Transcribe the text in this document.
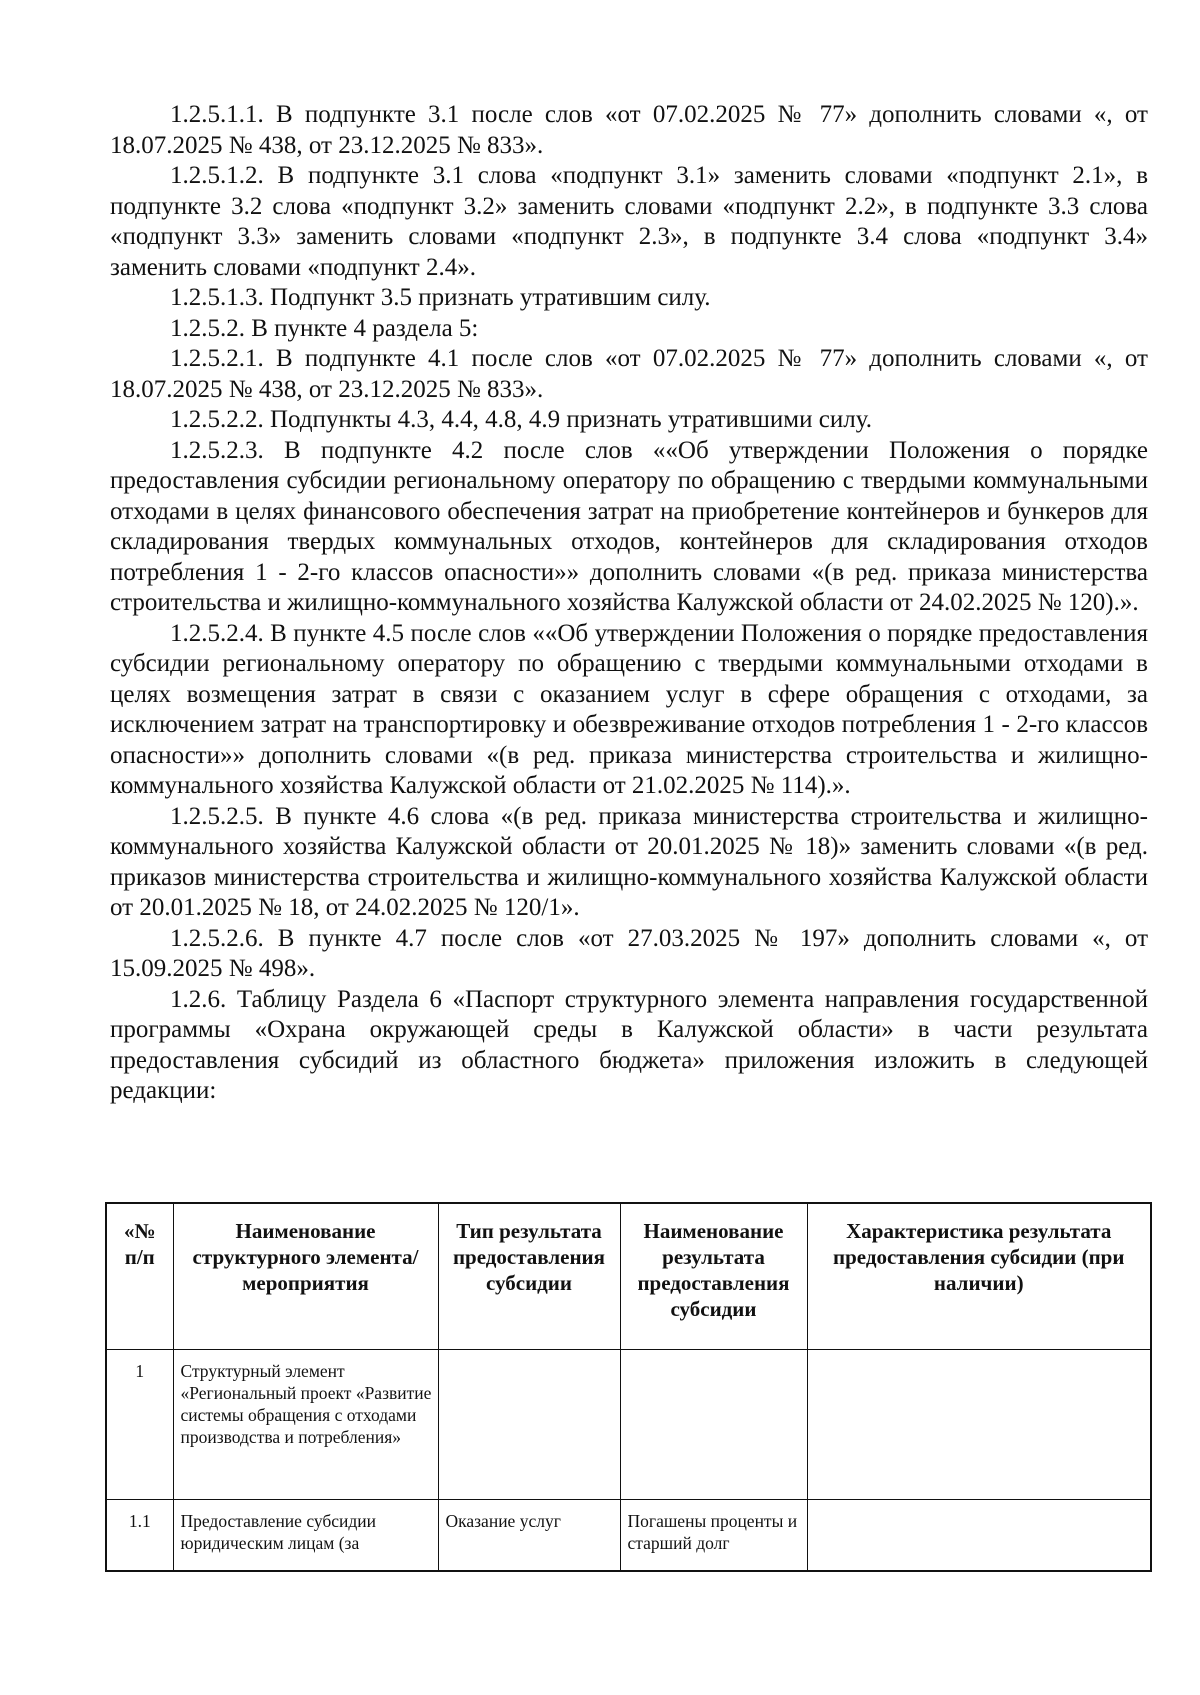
1.2.5.1.1. В подпункте 3.1 после слов «от 07.02.2025 № 77» дополнить словами «, от 18.07.2025 № 438, от 23.12.2025 № 833».

1.2.5.1.2. В подпункте 3.1 слова «подпункт 3.1» заменить словами «подпункт 2.1», в подпункте 3.2 слова «подпункт 3.2» заменить словами «подпункт 2.2», в подпункте 3.3 слова «подпункт 3.3» заменить словами «подпункт 2.3», в подпункте 3.4 слова «подпункт 3.4» заменить словами «подпункт 2.4».

1.2.5.1.3. Подпункт 3.5 признать утратившим силу.

1.2.5.2. В пункте 4 раздела 5:

1.2.5.2.1. В подпункте 4.1 после слов «от 07.02.2025 № 77» дополнить словами «, от 18.07.2025 № 438, от 23.12.2025 № 833».

1.2.5.2.2. Подпункты 4.3, 4.4, 4.8, 4.9 признать утратившими силу.

1.2.5.2.3. В подпункте 4.2 после слов ««Об утверждении Положения о порядке предоставления субсидии региональному оператору по обращению с твердыми коммунальными отходами в целях финансового обеспечения затрат на приобретение контейнеров и бункеров для складирования твердых коммунальных отходов, контейнеров для складирования отходов потребления 1 - 2-го классов опасности»» дополнить словами «(в ред. приказа министерства строительства и жилищно-коммунального хозяйства Калужской области от 24.02.2025 № 120).».

1.2.5.2.4. В пункте 4.5 после слов ««Об утверждении Положения о порядке предоставления субсидии региональному оператору по обращению с твердыми коммунальными отходами в целях возмещения затрат в связи с оказанием услуг в сфере обращения с отходами, за исключением затрат на транспортировку и обезвреживание отходов потребления 1 - 2-го классов опасности»» дополнить словами «(в ред. приказа министерства строительства и жилищно-коммунального хозяйства Калужской области от 21.02.2025 № 114).».

1.2.5.2.5. В пункте 4.6 слова «(в ред. приказа министерства строительства и жилищно-коммунального хозяйства Калужской области от 20.01.2025 № 18)» заменить словами «(в ред. приказов министерства строительства и жилищно-коммунального хозяйства Калужской области от 20.01.2025 № 18, от 24.02.2025 № 120/1».

1.2.5.2.6. В пункте 4.7 после слов «от 27.03.2025 № 197» дополнить словами «, от 15.09.2025 № 498».

1.2.6. Таблицу Раздела 6 «Паспорт структурного элемента направления государственной программы «Охрана окружающей среды в Калужской области» в части результата предоставления субсидий из областного бюджета» приложения изложить в следующей редакции:

«№ п/п	Наименование структурного элемента/мероприятия	Тип результата предоставления субсидии	Наименование результата предоставления субсидии	Характеристика результата предоставления субсидии (при наличии)
1	Структурный элемент «Региональный проект «Развитие системы обращения с отходами производства и потребления»			
1.1	Предоставление субсидии юридическим лицам (за	Оказание услуг	Погашены проценты и старший долг	
